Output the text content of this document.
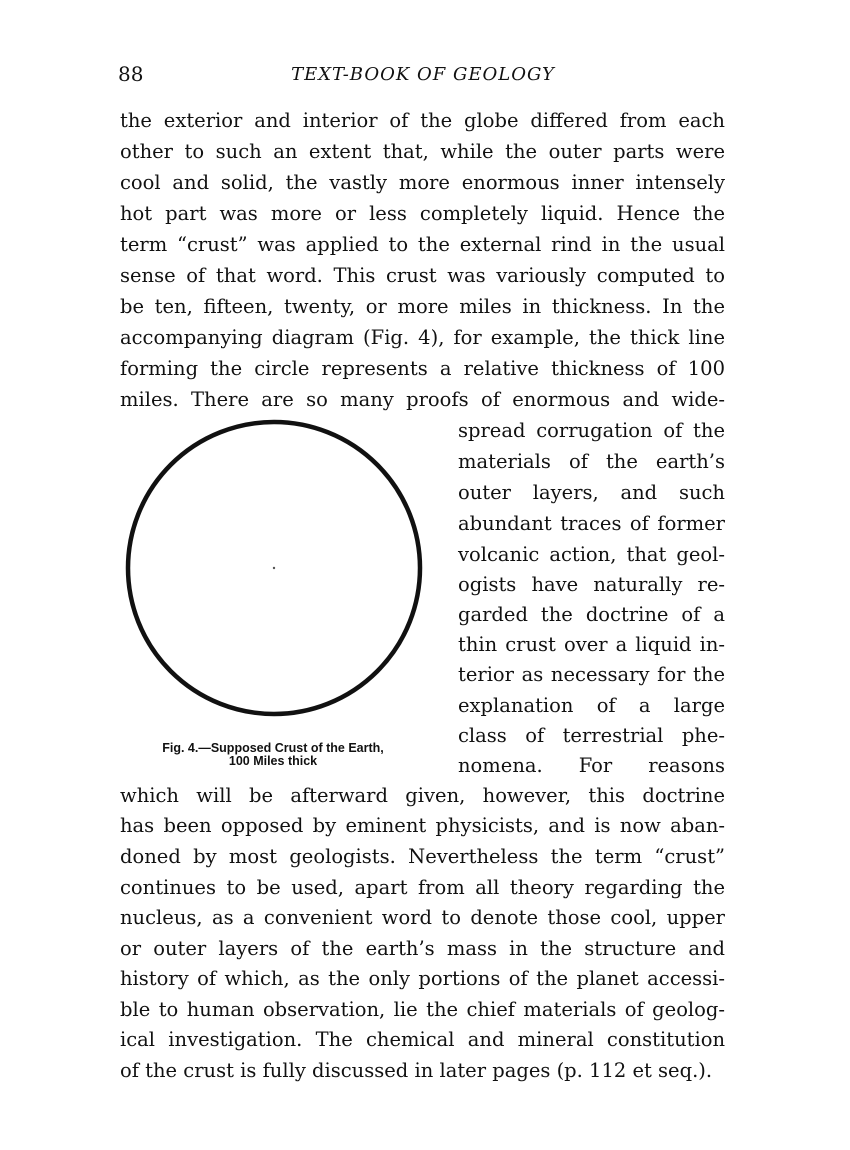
88	TEXT-BOOK OF GEOLOGY
the exterior and interior of the globe differed from each
other to such an extent that, while the outer parts were
cool and solid, the vastly more enormous inner intensely
hot part was more or less completely liquid. Hence the
term “crust” was applied to the external rind in the usual
sense of that word. This crust was variously computed to
be ten, fifteen, twenty, or more miles in thickness. In the
accompanying diagram (Fig. 4), for example, the thick line
forming the circle represents a relative thickness of 100
miles. There are so many proofs of enormous and wide-
Fig. 4.—Supposed Crust of the Earth,
100 Miles thick
spread corrugation of the
materials of the earth’s
outer layers, and such
abundant traces of former
volcanic action, that geol-
ogists have naturally re-
garded the doctrine of a
thin crust over a liquid in-
terior as necessary for the
explanation of a large
class of terrestrial phe-
nomena. For reasons
which will be afterward given, however, this doctrine
has been opposed by eminent physicists, and is now aban-
doned by most geologists. Nevertheless the term “crust”
continues to be used, apart from all theory regarding the
nucleus, as a convenient word to denote those cool, upper
or outer layers of the earth’s mass in the structure and
history of which, as the only portions of the planet accessi-
ble to human observation, lie the chief materials of geolog-
ical investigation. The chemical and mineral constitution
of the crust is fully discussed in later pages (p. 112 et seq.).
